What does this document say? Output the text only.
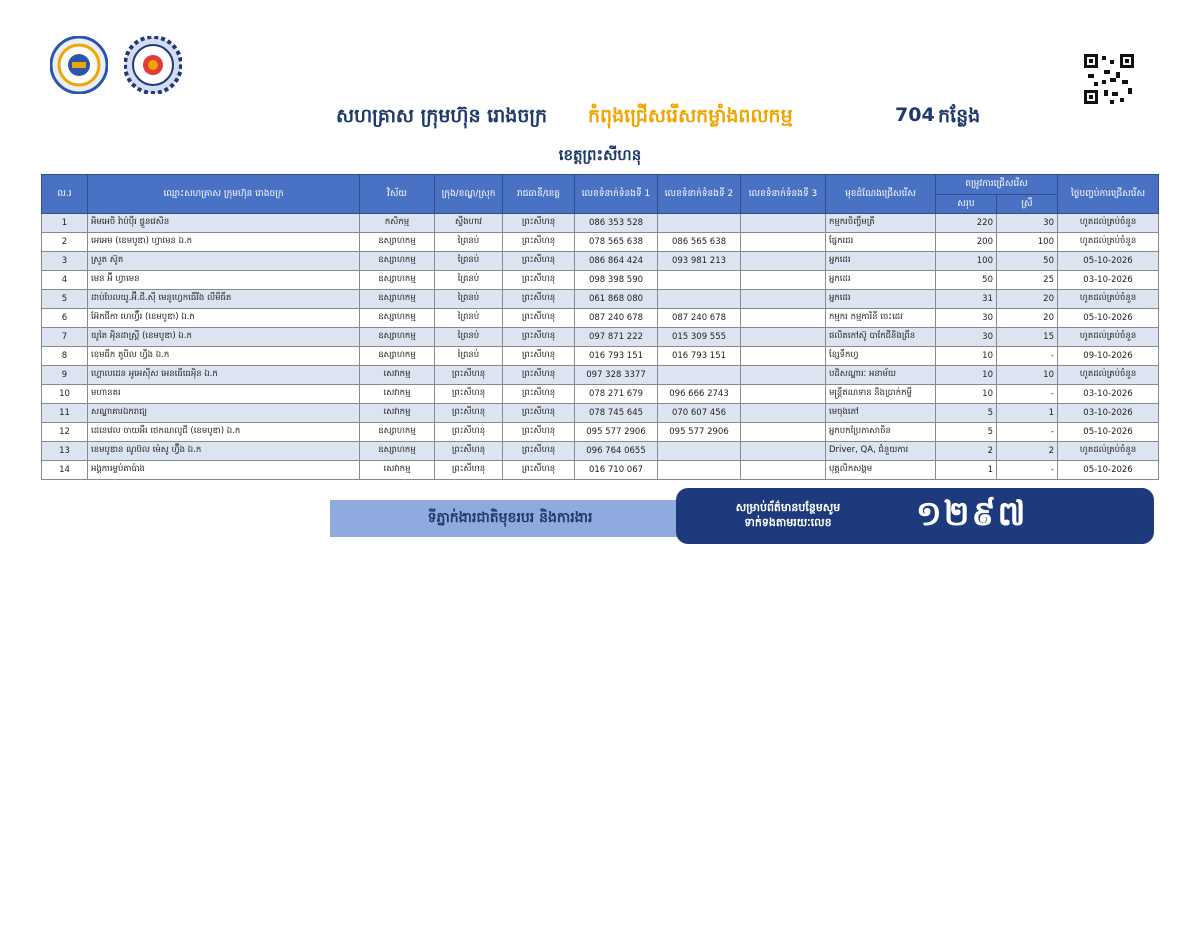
សហគ្រាស ក្រុមហ៊ុន រោងចក្រ កំពុងជ្រើសរើសកម្លាំងពលកម្ម	704 កន្លែង
ខេត្តព្រះសីហនុ
ល.រ	ឈ្មោះសហគ្រាស ក្រុមហ៊ុន រោងចក្រ	វិស័យ	ក្រុង/ខណ្ឌ/ស្រុក	រាជធានី/ខេត្ត	លេខទំនាក់ទំនងទី 1	លេខទំនាក់ទំនងទី 2	លេខទំនាក់ទំនងទី 3	មុខដំណែងជ្រើសរើស	តម្រូវការជ្រើសរើស		ថ្ងៃបញ្ចប់ការជ្រើសរើស
									សរុប	ស្រី	
1	អិមអេចិ វ៉ាប៉ប៉ឺរ ផ្គួនវេសិន	កសិកម្ម	ស្ទឹងហាវ	ព្រះសីហនុ	086 353 528			កម្មករចិញ្ចឹមត្រី	220	30	ហូតដល់គ្រប់ចំនួន
2	អេអេម (ខេមបូឌា) ហ្វាមេន ឯ.ក	ឧស្សាហកម្ម	ព្រៃនប់	ព្រះសីហនុ	078 565 638	086 565 638		ផ្នែកដេរ	200	100	ហូតដល់គ្រប់ចំនួន
3	ស្រួត ស៊ូត	ឧស្សាហកម្ម	ព្រៃនប់	ព្រះសីហនុ	086 864 424	093 981 213		អ្នកដេរ	100	50	05-10-2026
4	មេន អ៊ី ហ្វាមេន	ឧស្សាហកម្ម	ព្រៃនប់	ព្រះសីហនុ	098 398 590			អ្នកដេរ	50	25	03-10-2026
5	ដាប់បែលយូ.អ៊ី.ជី.ស៊ី មេនូហ្វេកធើរីង លីមីធីត	ឧស្សាហកម្ម	ព្រៃនប់	ព្រះសីហនុ	061 868 080			អ្នកដេរ	31	20	ហូតដល់គ្រប់ចំនួន
6	អ៊ែកជីកា ហេហ្វ៊ឺរ (ខេមបូឌា) ឯ.ក	ឧស្សាហកម្ម	ព្រៃនប់	ព្រះសីហនុ	087 240 678	087 240 678		កម្មករ កម្មការិនី ចេះដេរ	30	20	05-10-2026
7	យូតៃ អុិនដាស្ត្រី (ខេមបូឌា) ឯ.ក	ឧស្សាហកម្ម	ព្រៃនប់	ព្រះសីហនុ	097 871 222	015 309 555		ផលិតកៅស៊ូ បាកែជីនិងព្រីន	30	15	ហូតដល់គ្រប់ចំនួន
8	ខេមធីក តូបិល ហ្វីង ឯ.ក	ឧស្សាហកម្ម	ព្រៃនប់	ព្រះសីហនុ	016 793 151	016 793 151		ខ្សែទឹកហ្វ	10	-	09-10-2026
9	ហ្គោលដេន អូអេស៊ីស អេនធើធេអុិន ឯ.ក	សេវាកម្ម	ព្រះសីហនុ	ព្រះសីហនុ	097 328 3377			បដិសណ្ឋារៈ អនាម័យ	10	10	ហូតដល់គ្រប់ចំនួន
10	មហានគរ	សេវាកម្ម	ព្រះសីហនុ	ព្រះសីហនុ	078 271 679	096 666 2743		មន្ត្រីឥណទាន និងប្រាក់កម្ចី	10	-	03-10-2026
11	សណ្ឋាគារឯករាជ្យ	សេវាកម្ម	ព្រះសីហនុ	ព្រះសីហនុ	078 745 645	070 607 456		មេចុងភៅ	5	1	03-10-2026
12	ដេនេវេល ចាយអឺរ ថេកណលូជី (ខេមបូឌា) ឯ.ក	ឧស្សាហកម្ម	ព្រះសីហនុ	ព្រះសីហនុ	095 577 2906	095 577 2906		អ្នកបកប្រែភាសាចិន	5	-	05-10-2026
13	ខេមបូឌាន ណូប៊ល ម៉េសូ ហ្វ៊ីង ឯ.ក	ឧស្សាហកម្ម	ព្រះសីហនុ	ព្រះសីហនុ	096 764 0655			Driver, QA, ជំនួយការ	2	2	ហូតដល់គ្រប់ចំនួន
14	អង្គការម្លប់តាប៉ាង	សេវាកម្ម	ព្រះសីហនុ	ព្រះសីហនុ	016 710 067			បុគ្គលិកសង្គម	1	-	05-10-2026
ទីភ្នាក់ងារជាតិមុខរបរ និងការងារ
សម្រាប់ព័ត៌មានបន្ថែមសូម
ទាក់ទងតាមរយៈលេខ	១២៩៧
